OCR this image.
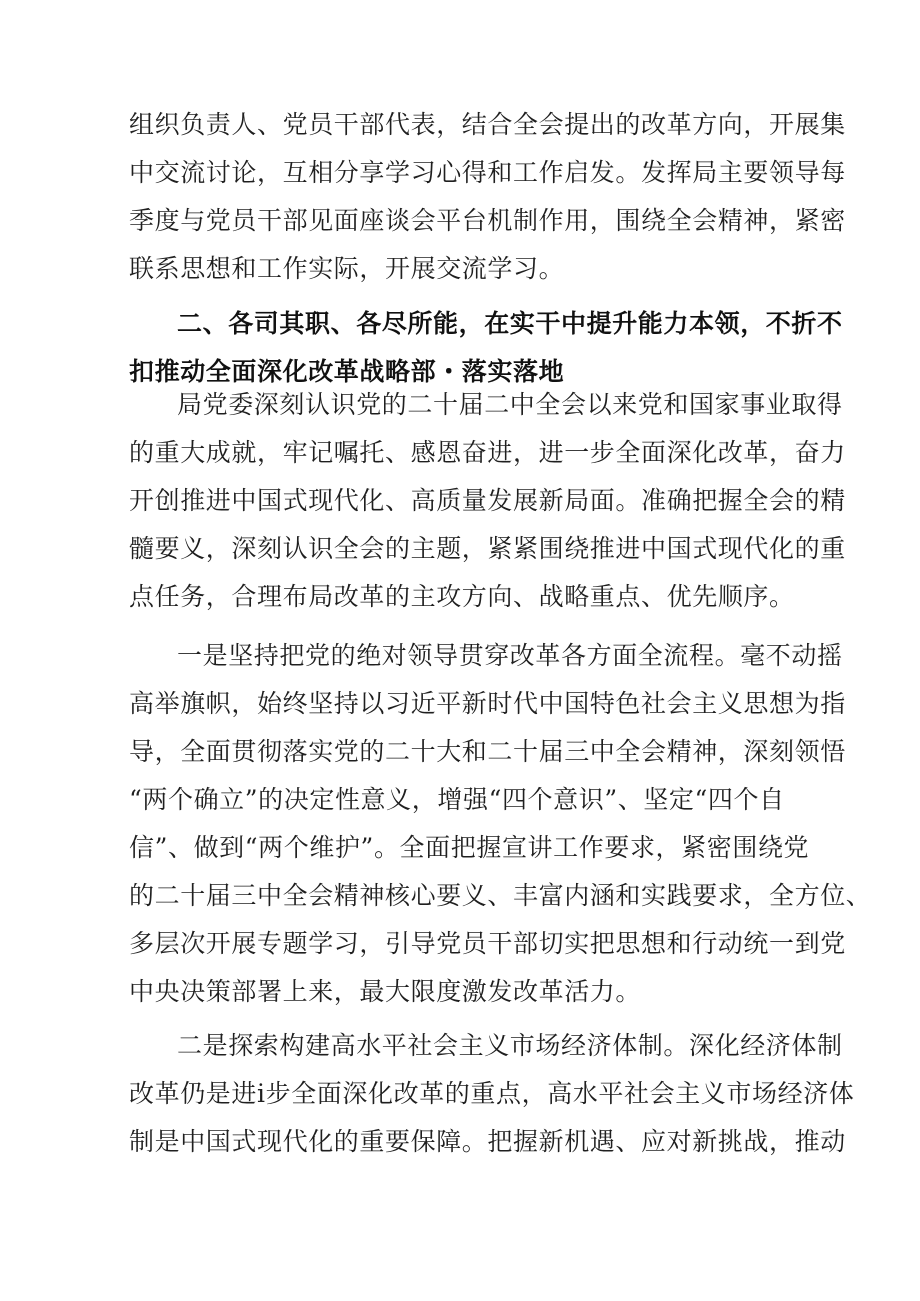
组织负责人、党员干部代表，结合全会提出的改革方向，开展集
中交流讨论，互相分享学习心得和工作启发。发挥局主要领导每
季度与党员干部见面座谈会平台机制作用，围绕全会精神，紧密
联系思想和工作实际，开展交流学习。

二、各司其职、各尽所能，在实干中提升能力本领，不折不
扣推动全面深化改革战略部・落实落地

局党委深刻认识党的二十届二中全会以来党和国家事业取得
的重大成就，牢记嘱托、感恩奋进，进一步全面深化改革，奋力
开创推进中国式现代化、高质量发展新局面。准确把握全会的精
髓要义，深刻认识全会的主题，紧紧围绕推进中国式现代化的重
点任务，合理布局改革的主攻方向、战略重点、优先顺序。

一是坚持把党的绝对领导贯穿改革各方面全流程。毫不动摇
高举旗帜，始终坚持以习近平新时代中国特色社会主义思想为指
导，全面贯彻落实党的二十大和二十届三中全会精神，深刻领悟
“两个确立”的决定性意义，增强“四个意识”、坚定“四个自
信”、做到“两个维护”。全面把握宣讲工作要求，紧密围绕党
的二十届三中全会精神核心要义、丰富内涵和实践要求，全方位、
多层次开展专题学习，引导党员干部切实把思想和行动统一到党
中央决策部署上来，最大限度激发改革活力。

二是探索构建高水平社会主义市场经济体制。深化经济体制
改革仍是进i步全面深化改革的重点，高水平社会主义市场经济体
制是中国式现代化的重要保障。把握新机遇、应对新挑战，推动
